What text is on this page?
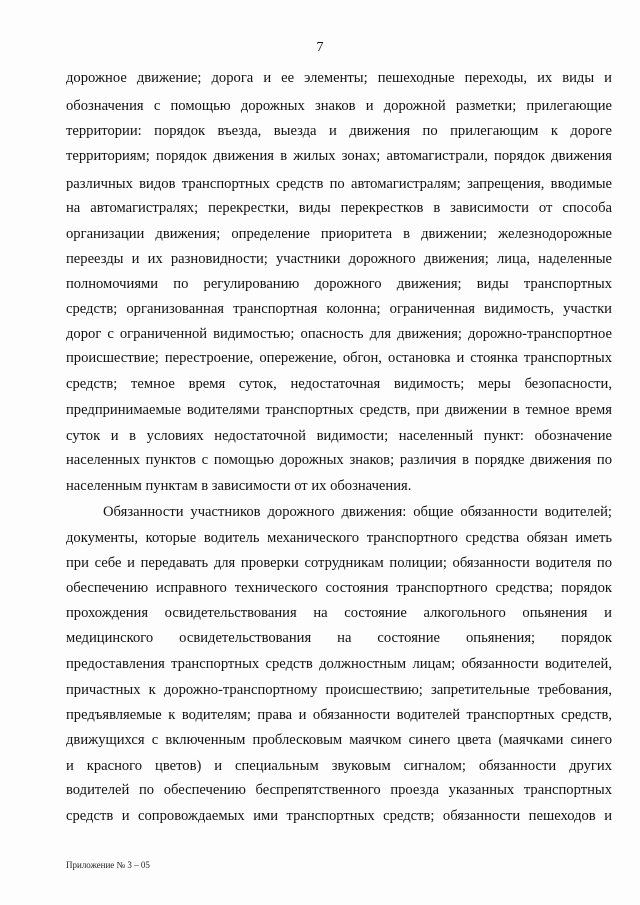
7
дорожное движение; дорога и ее элементы; пешеходные переходы, их виды и
обозначения с помощью дорожных знаков и дорожной разметки; прилегающие
территории: порядок въезда, выезда и движения по прилегающим к дороге
территориям; порядок движения в жилых зонах; автомагистрали, порядок движения
различных видов транспортных средств по автомагистралям; запрещения, вводимые
на автомагистралях; перекрестки, виды перекрестков в зависимости от способа
организации движения; определение приоритета в движении; железнодорожные
переезды и их разновидности; участники дорожного движения; лица, наделенные
полномочиями по регулированию дорожного движения; виды транспортных
средств; организованная транспортная колонна; ограниченная видимость, участки
дорог с ограниченной видимостью; опасность для движения; дорожно-транспортное
происшествие; перестроение, опережение, обгон, остановка и стоянка транспортных
средств; темное время суток, недостаточная видимость; меры безопасности,
предпринимаемые водителями транспортных средств, при движении в темное время
суток и в условиях недостаточной видимости; населенный пункт: обозначение
населенных пунктов с помощью дорожных знаков; различия в порядке движения по
населенным пунктам в зависимости от их обозначения.
Обязанности участников дорожного движения: общие обязанности водителей;
документы, которые водитель механического транспортного средства обязан иметь
при себе и передавать для проверки сотрудникам полиции; обязанности водителя по
обеспечению исправного технического состояния транспортного средства; порядок
прохождения освидетельствования на состояние алкогольного опьянения и
медицинского освидетельствования на состояние опьянения; порядок
предоставления транспортных средств должностным лицам; обязанности водителей,
причастных к дорожно-транспортному происшествию; запретительные требования,
предъявляемые к водителям; права и обязанности водителей транспортных средств,
движущихся с включенным проблесковым маячком синего цвета (маячками синего
и красного цветов) и специальным звуковым сигналом; обязанности других
водителей по обеспечению беспрепятственного проезда указанных транспортных
средств и сопровождаемых ими транспортных средств; обязанности пешеходов и
Приложение № 3 – 05
